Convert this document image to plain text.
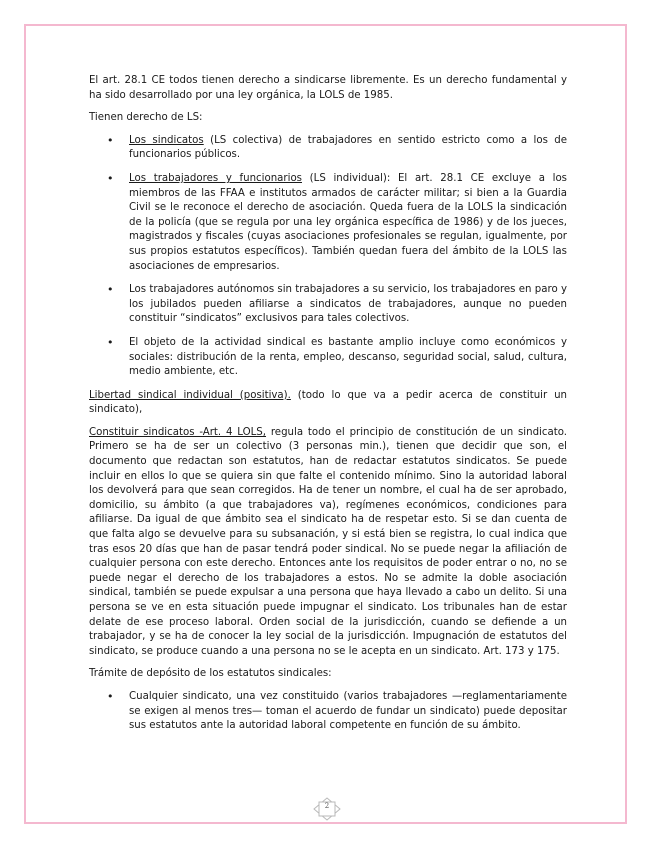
El art. 28.1 CE todos tienen derecho a sindicarse libremente. Es un derecho fundamental y ha sido desarrollado por una ley orgánica, la LOLS de 1985.

Tienen derecho de LS:

• Los sindicatos (LS colectiva) de trabajadores en sentido estricto como a los de funcionarios públicos.
• Los trabajadores y funcionarios (LS individual): El art. 28.1 CE excluye a los miembros de las FFAA e institutos armados de carácter militar; si bien a la Guardia Civil se le reconoce el derecho de asociación. Queda fuera de la LOLS la sindicación de la policía (que se regula por una ley orgánica específica de 1986) y de los jueces, magistrados y fiscales (cuyas asociaciones profesionales se regulan, igualmente, por sus propios estatutos específicos). También quedan fuera del ámbito de la LOLS las asociaciones de empresarios.
• Los trabajadores autónomos sin trabajadores a su servicio, los trabajadores en paro y los jubilados pueden afiliarse a sindicatos de trabajadores, aunque no pueden constituir “sindicatos” exclusivos para tales colectivos.
• El objeto de la actividad sindical es bastante amplio incluye como económicos y sociales: distribución de la renta, empleo, descanso, seguridad social, salud, cultura, medio ambiente, etc.

Libertad sindical individual (positiva). (todo lo que va a pedir acerca de constituir un sindicato),

Constituir sindicatos -Art. 4 LOLS, regula todo el principio de constitución de un sindicato. Primero se ha de ser un colectivo (3 personas min.), tienen que decidir que son, el documento que redactan son estatutos, han de redactar estatutos sindicatos. Se puede incluir en ellos lo que se quiera sin que falte el contenido mínimo. Sino la autoridad laboral los devolverá para que sean corregidos. Ha de tener un nombre, el cual ha de ser aprobado, domicilio, su ámbito (a que trabajadores va), regímenes económicos, condiciones para afiliarse. Da igual de que ámbito sea el sindicato ha de respetar esto. Si se dan cuenta de que falta algo se devuelve para su subsanación, y si está bien se registra, lo cual indica que tras esos 20 días que han de pasar tendrá poder sindical. No se puede negar la afiliación de cualquier persona con este derecho. Entonces ante los requisitos de poder entrar o no, no se puede negar el derecho de los trabajadores a estos. No se admite la doble asociación sindical, también se puede expulsar a una persona que haya llevado a cabo un delito. Si una persona se ve en esta situación puede impugnar el sindicato. Los tribunales han de estar delate de ese proceso laboral. Orden social de la jurisdicción, cuando se defiende a un trabajador, y se ha de conocer la ley social de la jurisdicción. Impugnación de estatutos del sindicato, se produce cuando a una persona no se le acepta en un sindicato. Art. 173 y 175.

Trámite de depósito de los estatutos sindicales:

• Cualquier sindicato, una vez constituido (varios trabajadores —reglamentariamente se exigen al menos tres— toman el acuerdo de fundar un sindicato) puede depositar sus estatutos ante la autoridad laboral competente en función de su ámbito.
2
